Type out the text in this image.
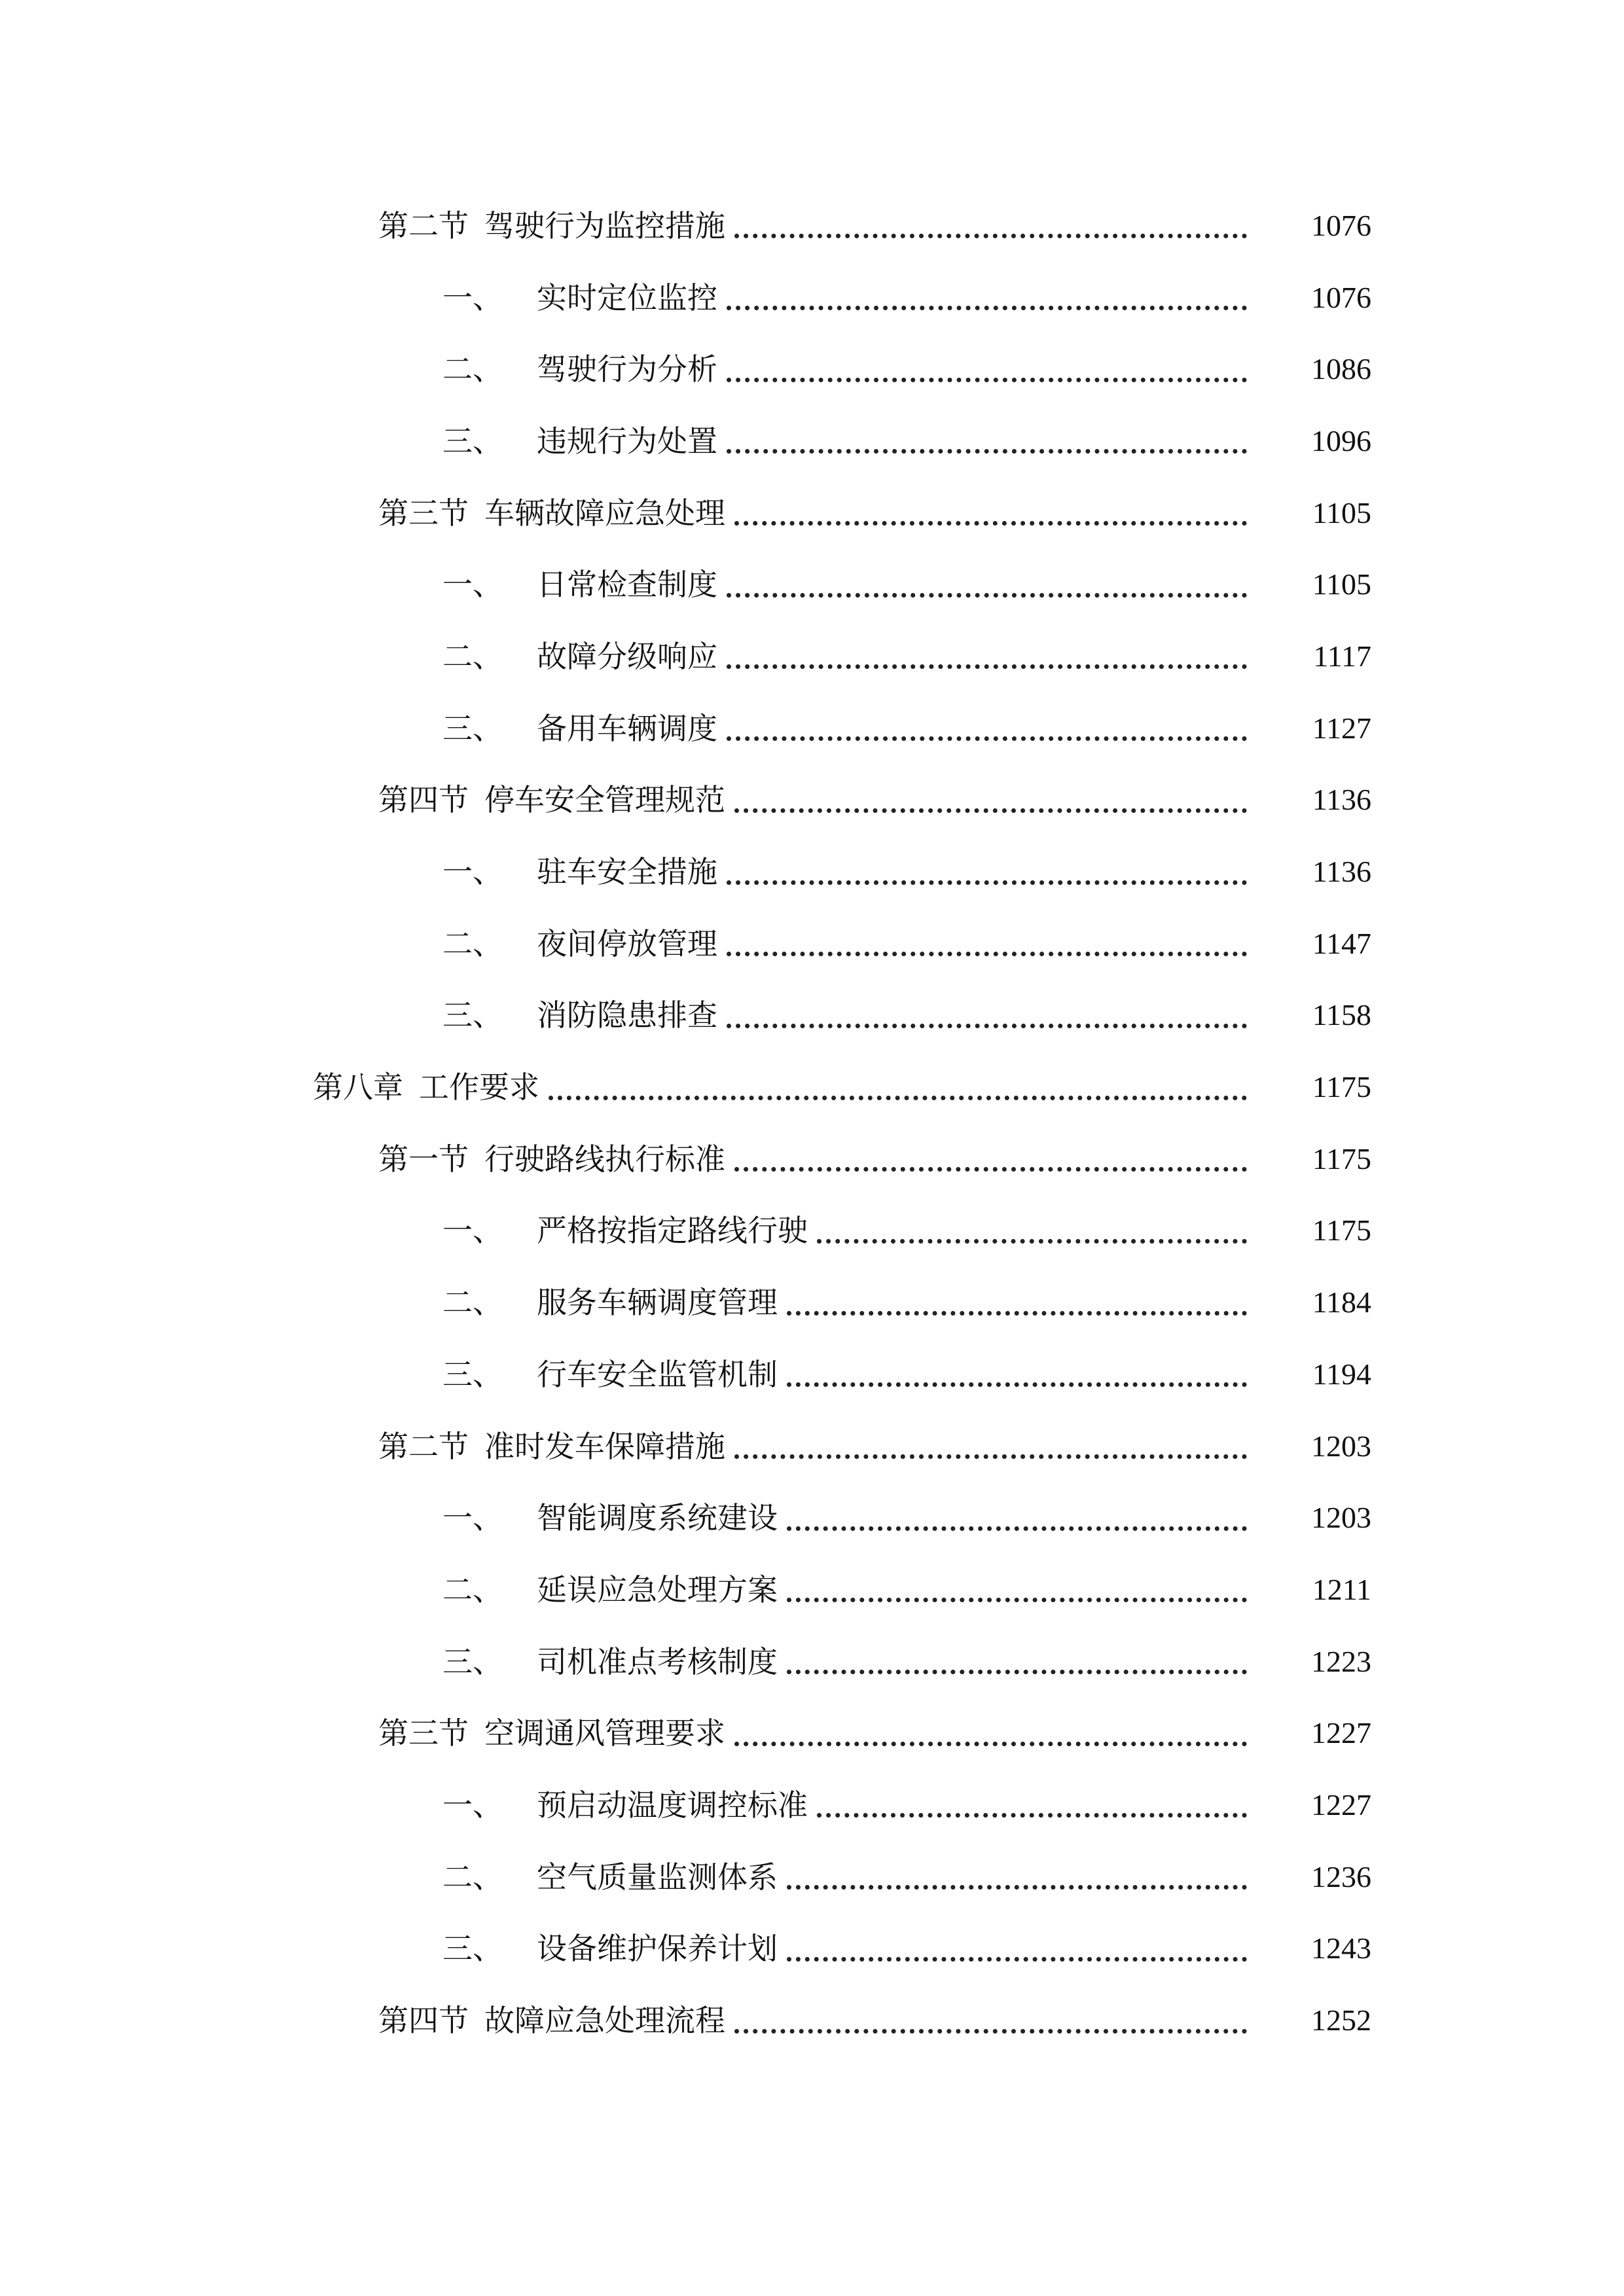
第二节 驾驶行为监控措施	1076
一、 实时定位监控	1076
二、 驾驶行为分析	1086
三、 违规行为处置	1096
第三节 车辆故障应急处理	1105
一、 日常检查制度	1105
二、 故障分级响应	1117
三、 备用车辆调度	1127
第四节 停车安全管理规范	1136
一、 驻车安全措施	1136
二、 夜间停放管理	1147
三、 消防隐患排查	1158
第八章 工作要求	1175
第一节 行驶路线执行标准	1175
一、 严格按指定路线行驶	1175
二、 服务车辆调度管理	1184
三、 行车安全监管机制	1194
第二节 准时发车保障措施	1203
一、 智能调度系统建设	1203
二、 延误应急处理方案	1211
三、 司机准点考核制度	1223
第三节 空调通风管理要求	1227
一、 预启动温度调控标准	1227
二、 空气质量监测体系	1236
三、 设备维护保养计划	1243
第四节 故障应急处理流程	1252
